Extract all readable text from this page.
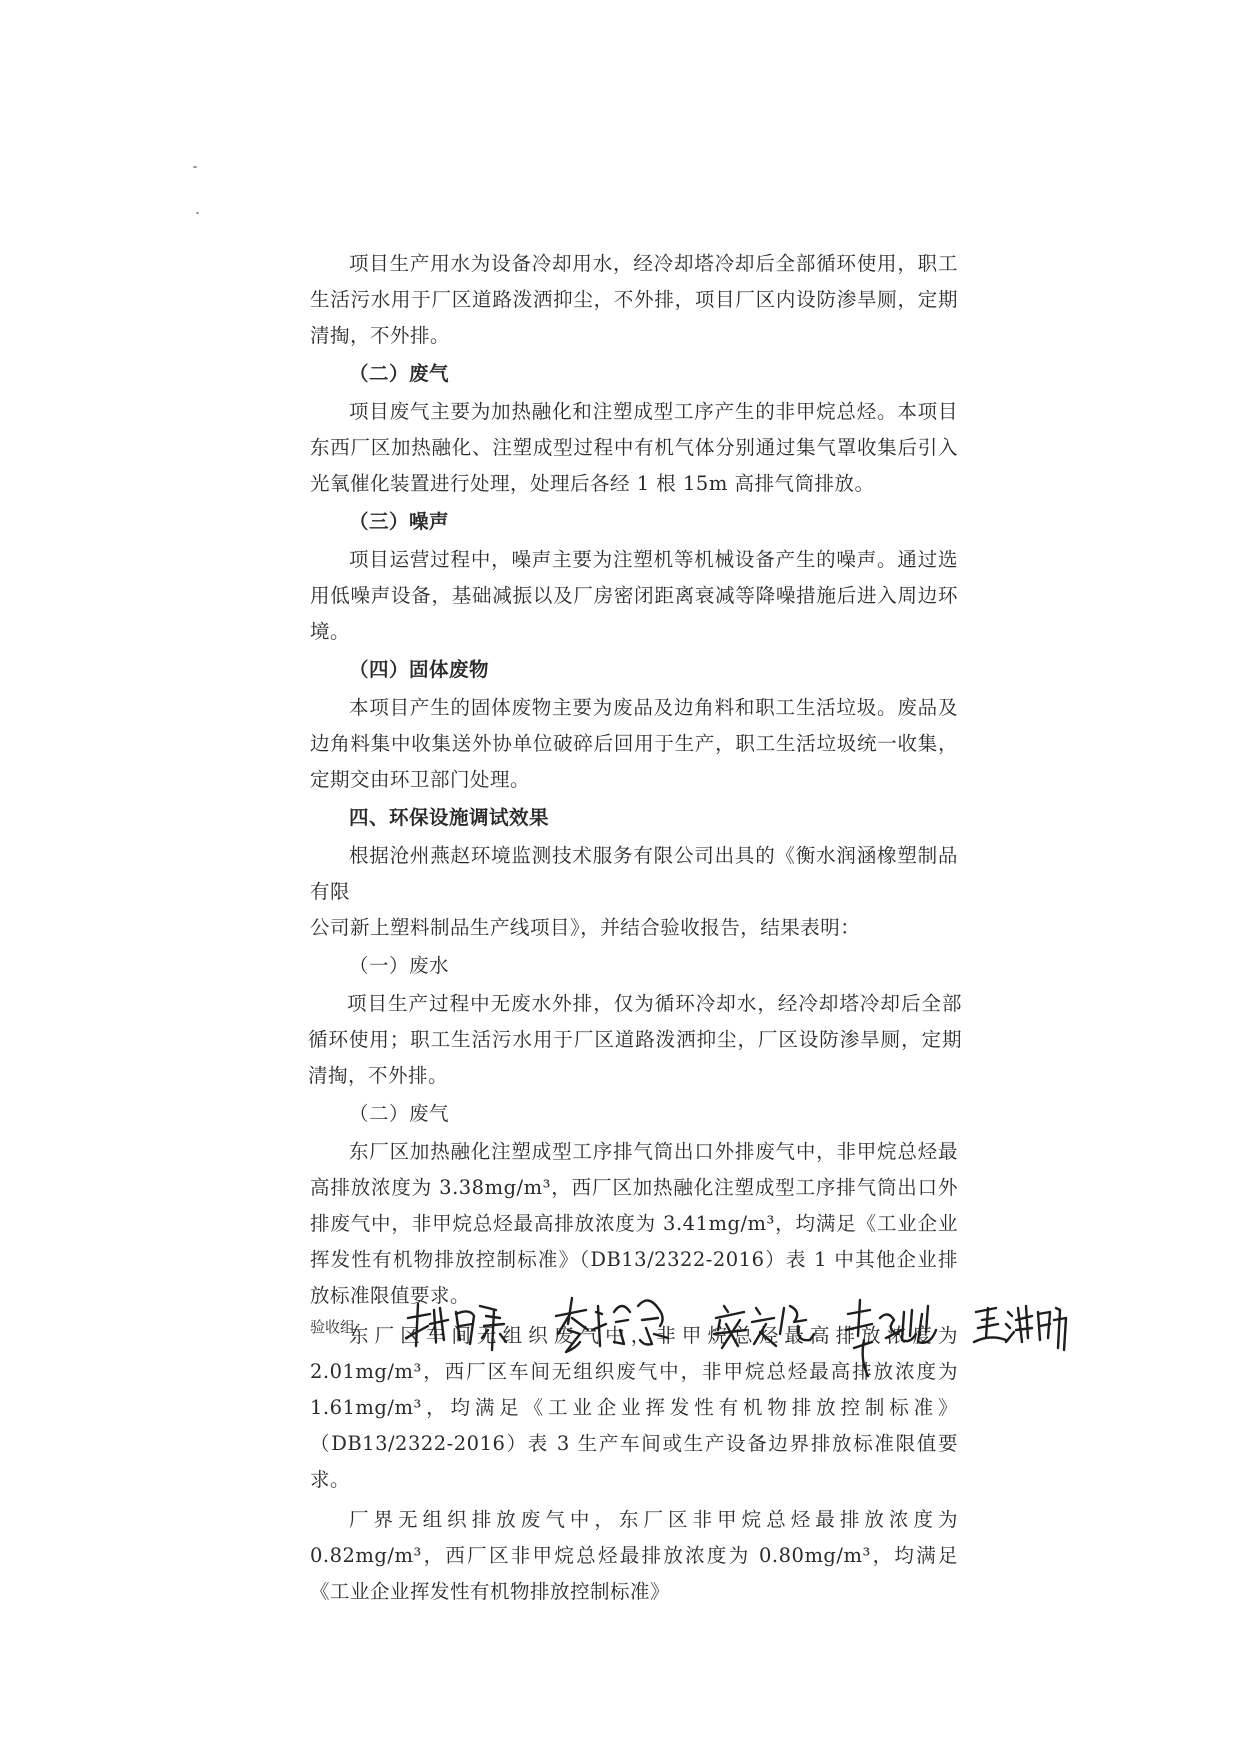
项目生产用水为设备冷却用水，经冷却塔冷却后全部循环使用，职工生活污水用于厂区道路泼洒抑尘，不外排，项目厂区内设防渗旱厕，定期清掏，不外排。

（二）废气

项目废气主要为加热融化和注塑成型工序产生的非甲烷总烃。本项目东西厂区加热融化、注塑成型过程中有机气体分别通过集气罩收集后引入光氧催化装置进行处理，处理后各经 1 根 15m 高排气筒排放。

（三）噪声

项目运营过程中，噪声主要为注塑机等机械设备产生的噪声。通过选用低噪声设备，基础减振以及厂房密闭距离衰减等降噪措施后进入周边环境。

（四）固体废物

本项目产生的固体废物主要为废品及边角料和职工生活垃圾。废品及边角料集中收集送外协单位破碎后回用于生产，职工生活垃圾统一收集，定期交由环卫部门处理。

四、环保设施调试效果

根据沧州燕赵环境监测技术服务有限公司出具的《衡水润涵橡塑制品有限

公司新上塑料制品生产线项目》，并结合验收报告，结果表明：

（一）废水

项目生产过程中无废水外排，仅为循环冷却水，经冷却塔冷却后全部循环使用；职工生活污水用于厂区道路泼洒抑尘，厂区设防渗旱厕，定期清掏，不外排。

（二）废气

东厂区加热融化注塑成型工序排气筒出口外排废气中，非甲烷总烃最高排放浓度为 3.38mg/m³，西厂区加热融化注塑成型工序排气筒出口外排废气中，非甲烷总烃最高排放浓度为 3.41mg/m³，均满足《工业企业挥发性有机物排放控制标准》（DB13/2322-2016）表 1 中其他企业排放标准限值要求。

东厂区车间无组织废气中，非甲烷总烃最高排放浓度为 2.01mg/m³，西厂区车间无组织废气中，非甲烷总烃最高排放浓度为 1.61mg/m³，均满足《工业企业挥发性有机物排放控制标准》（DB13/2322-2016）表 3 生产车间或生产设备边界排放标准限值要求。

厂界无组织排放废气中，东厂区非甲烷总烃最排放浓度为 0.82mg/m³，西厂区非甲烷总烃最排放浓度为 0.80mg/m³，均满足《工业企业挥发性有机物排放控制标准》

验收组：
